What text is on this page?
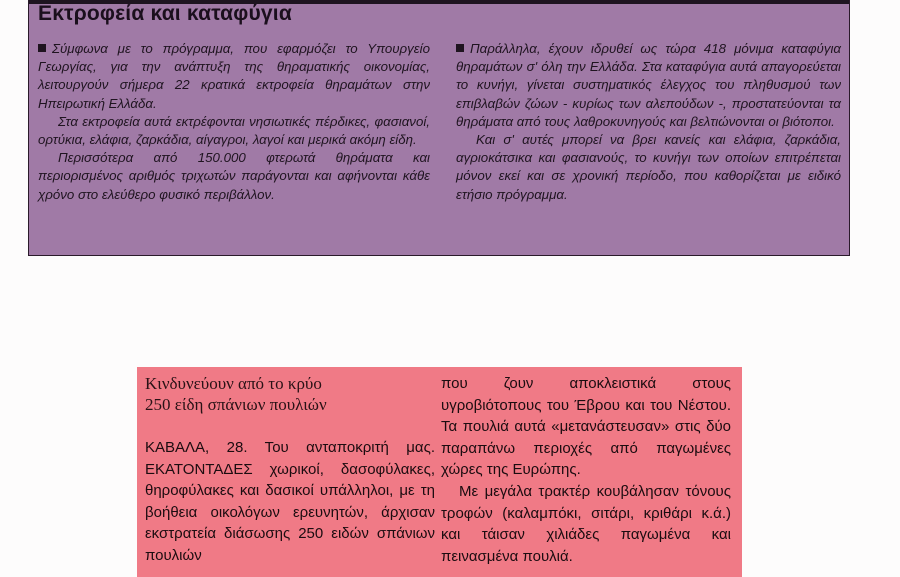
Εκτροφεία και καταφύγια

Σύμφωνα με το πρόγραμμα, που εφαρμόζει το Υπουργείο Γεωργίας, για την ανάπτυξη της θηραματικής οικονομίας, λειτουργούν σήμερα 22 κρατικά εκτροφεία θηραμάτων στην Ηπειρωτική Ελλάδα.

Στα εκτροφεία αυτά εκτρέφονται νησιωτικές πέρδικες, φασιανοί, ορτύκια, ελάφια, ζαρκάδια, αίγαγροι, λαγοί και μερικά ακόμη είδη.

Περισσότερα από 150.000 φτερωτά θηράματα και περιορισμένος αριθμός τριχωτών παράγονται και αφήνονται κάθε χρόνο στο ελεύθερο φυσικό περιβάλλον.

Παράλληλα, έχουν ιδρυθεί ως τώρα 418 μόνιμα καταφύγια θηραμάτων σ' όλη την Ελλάδα. Στα καταφύγια αυτά απαγορεύεται το κυνήγι, γίνεται συστηματικός έλεγχος του πληθυσμού των επιβλαβών ζώων - κυρίως των αλεπούδων -, προστατεύονται τα θηράματα από τους λαθροκυνηγούς και βελτιώνονται οι βιότοποι.

Και σ' αυτές μπορεί να βρει κανείς και ελάφια, ζαρκάδια, αγριοκάτσικα και φασιανούς, το κυνήγι των οποίων επιτρέπεται μόνον εκεί και σε χρονική περίοδο, που καθορίζεται με ειδικό ετήσιο πρόγραμμα.

Κινδυνεύουν από το κρύο
250 είδη σπάνιων πουλιών

ΚΑΒΑΛΑ, 28. Του ανταποκριτή μας. ΕΚΑΤΟΝΤΑΔΕΣ χωρικοί, δασοφύλακες, θηροφύλακες και δασικοί υπάλληλοι, με τη βοήθεια οικολόγων ερευνητών, άρχισαν εκστρατεία διάσωσης 250 ειδών σπάνιων πουλιών

που ζουν αποκλειστικά στους υγροβιότοπους του Έβρου και του Νέστου. Τα πουλιά αυτά «μετανάστευσαν» στις δύο παραπάνω περιοχές από παγωμένες χώρες της Ευρώπης.

Με μεγάλα τρακτέρ κουβάλησαν τόνους τροφών (καλαμπόκι, σιτάρι, κριθάρι κ.ά.) και τάισαν χιλιάδες παγωμένα και πεινασμένα πουλιά.
